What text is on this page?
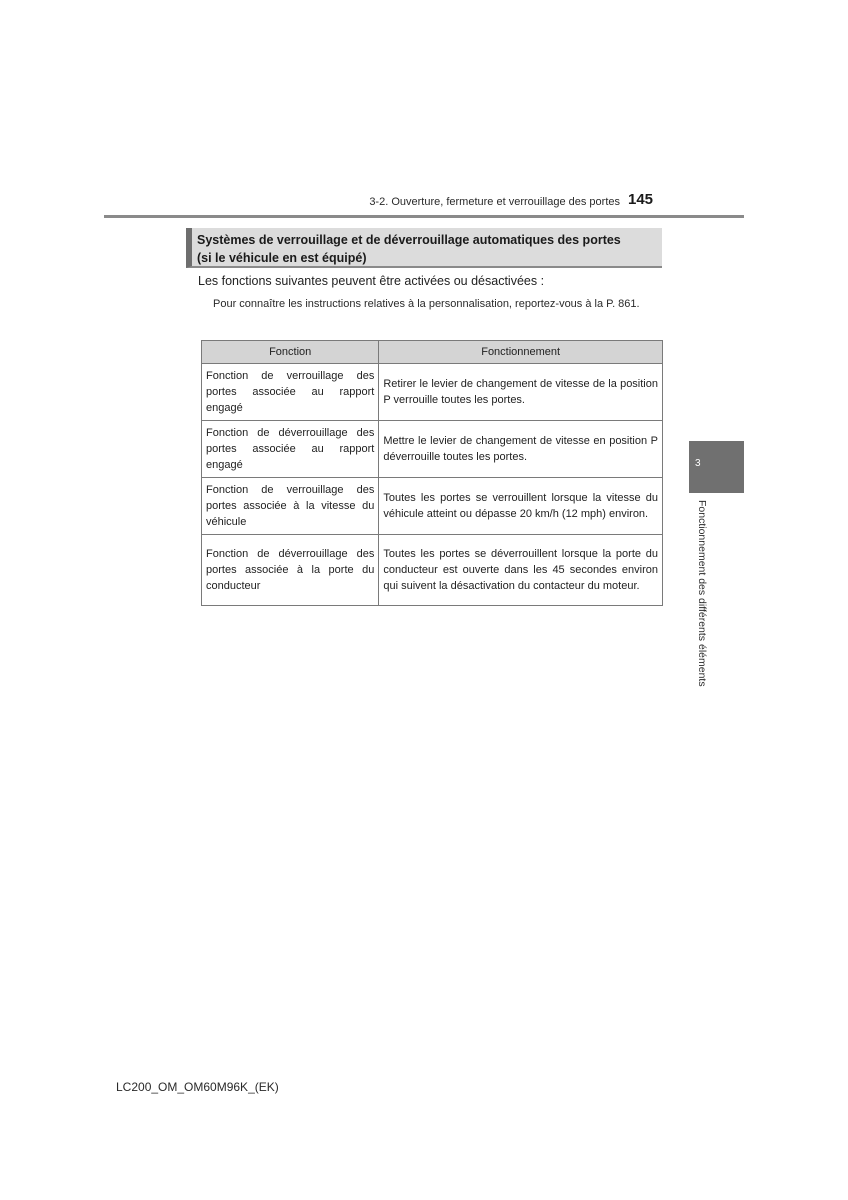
3-2. Ouverture, fermeture et verrouillage des portes 145
Systèmes de verrouillage et de déverrouillage automatiques des portes
(si le véhicule en est équipé)
Les fonctions suivantes peuvent être activées ou désactivées :
Pour connaître les instructions relatives à la personnalisation, reportez-vous à la P. 861.
Fonction	Fonctionnement
Fonction de verrouillage des portes associée au rapport engagé	Retirer le levier de changement de vitesse de la position P verrouille toutes les portes.
Fonction de déverrouillage des portes associée au rapport engagé	Mettre le levier de changement de vitesse en position P déverrouille toutes les portes.
Fonction de verrouillage des portes associée à la vitesse du véhicule	Toutes les portes se verrouillent lorsque la vitesse du véhicule atteint ou dépasse 20 km/h (12 mph) environ.
Fonction de déverrouillage des portes associée à la porte du conducteur	Toutes les portes se déverrouillent lorsque la porte du conducteur est ouverte dans les 45 secondes environ qui suivent la désactivation du contacteur du moteur.
3
Fonctionnement des différents éléments
LC200_OM_OM60M96K_(EK)
